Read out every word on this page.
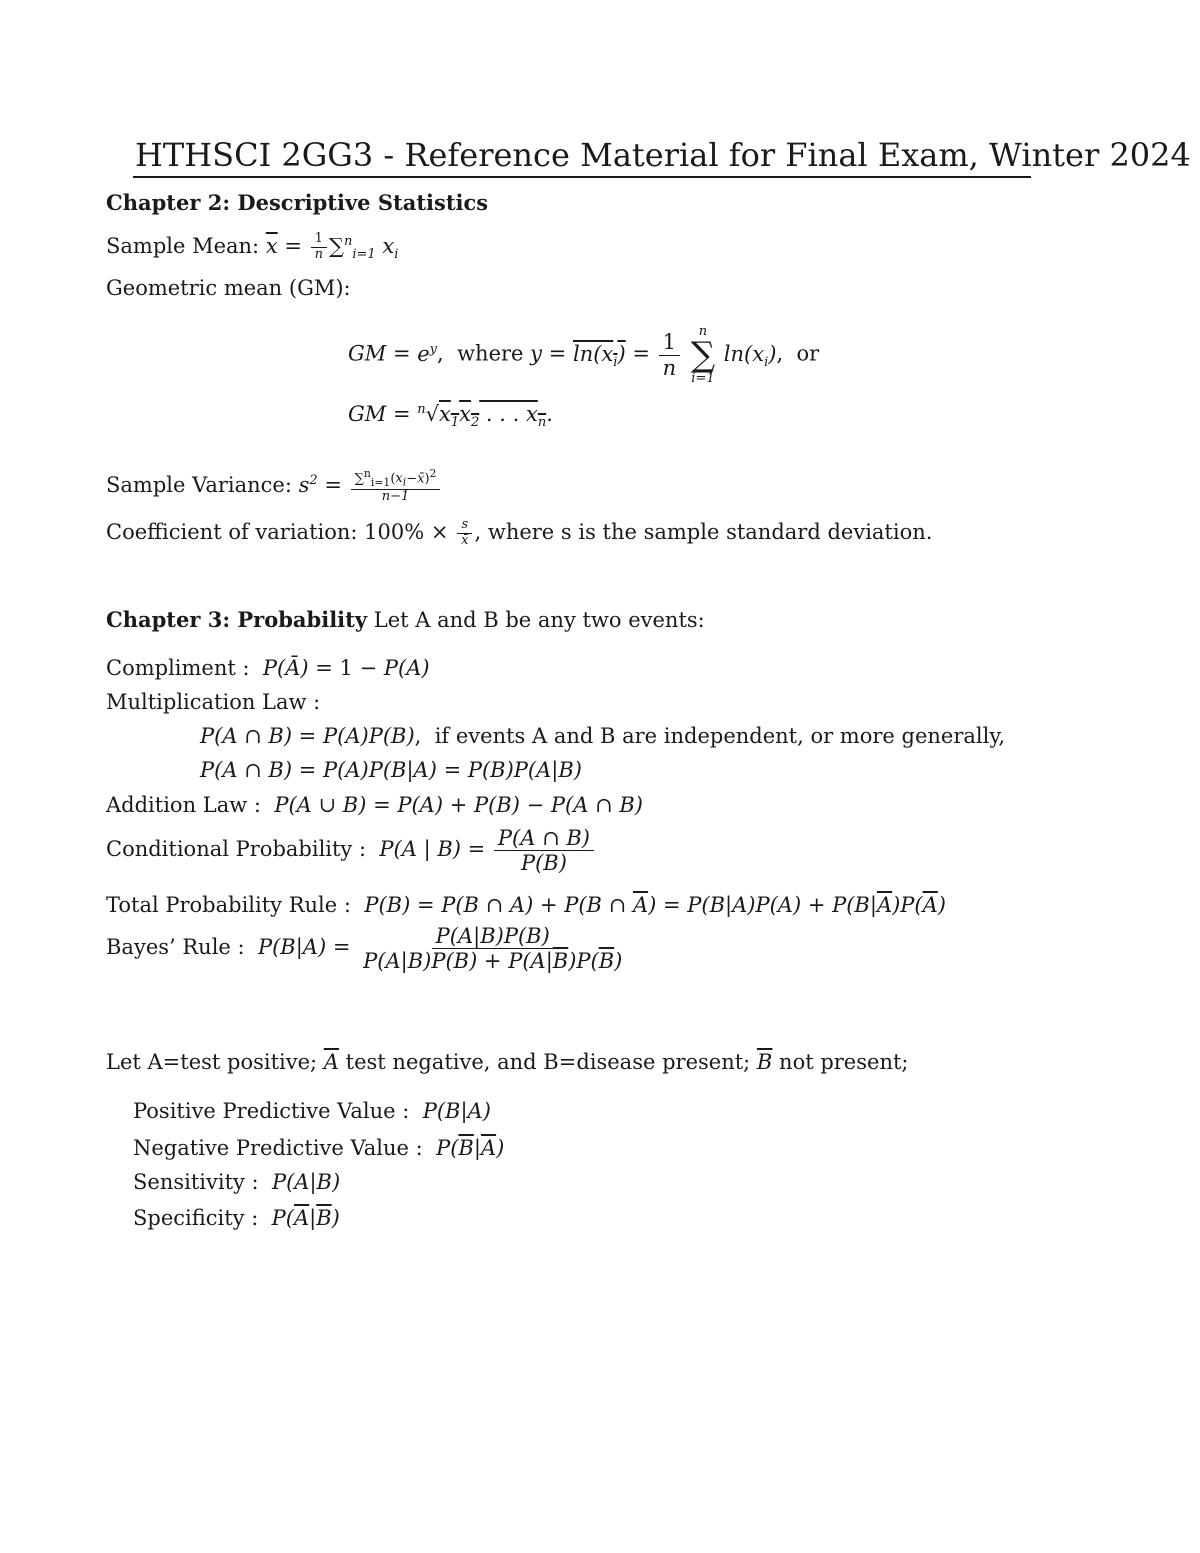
HTHSCI 2GG3 - Reference Material for Final Exam, Winter 2024
Chapter 2: Descriptive Statistics
Sample Mean: $\overline{x} = \frac{1}{n} \sum^n_{i=1}$ $x_i$
Geometric mean (GM):
GM = $e^y$,  where $y = \ln(x_i) = \frac{1}{n}$
n
∑
i=1
$\ln(x_i)$,  or
GM = $^n√x_1x_2$ . . . $x_n$.
Sample Variance: $s^2 = \frac{\sum^n_{i=1}(x_i-x̄)^2}{n-1}$
Coefficient of variation: $100\% \times \frac{s}{x̄}$ , where s is the sample standard deviation.
Chapter 3: Probability Let A and B be any two events:
Compliment : P(Ā) = 1 − P(A)
Multiplication Law :
P(A ∩ B) = P(A)P(B),  if events A and B are independent, or more generally,
P(A ∩ B) = P(A)P(B|A) = P(B)P(A|B)
Addition Law : P(A ∪ B) = P(A) + P(B) − P(A ∩ B)
Conditional Probability : P(A | $B) = \frac{P(A \cap B)}{P(B)}$
Total Probability Rule : P(B) = P(B ∩ A) + P(B ∩ $\overline{A}) = P(B|A)P(A) + P(B|\overline{A})P(\overline{A})$
Bayes’ Rule : $P(B|A) = \frac{P(A|B)P(B)}{P(A|B)P(B) + P(A|\overline{B})P(\overline{B})}$
Let A=test positive; $\overline{A}$ test negative, and B=disease present; $\overline{B}$ not present;
Positive Predictive Value : P(B|A)
Negative Predictive Value : $P(\overline{B}|\overline{A})$
Sensitivity : P(A|B)
Specificity : $P(\overline{A}|\overline{B})$
